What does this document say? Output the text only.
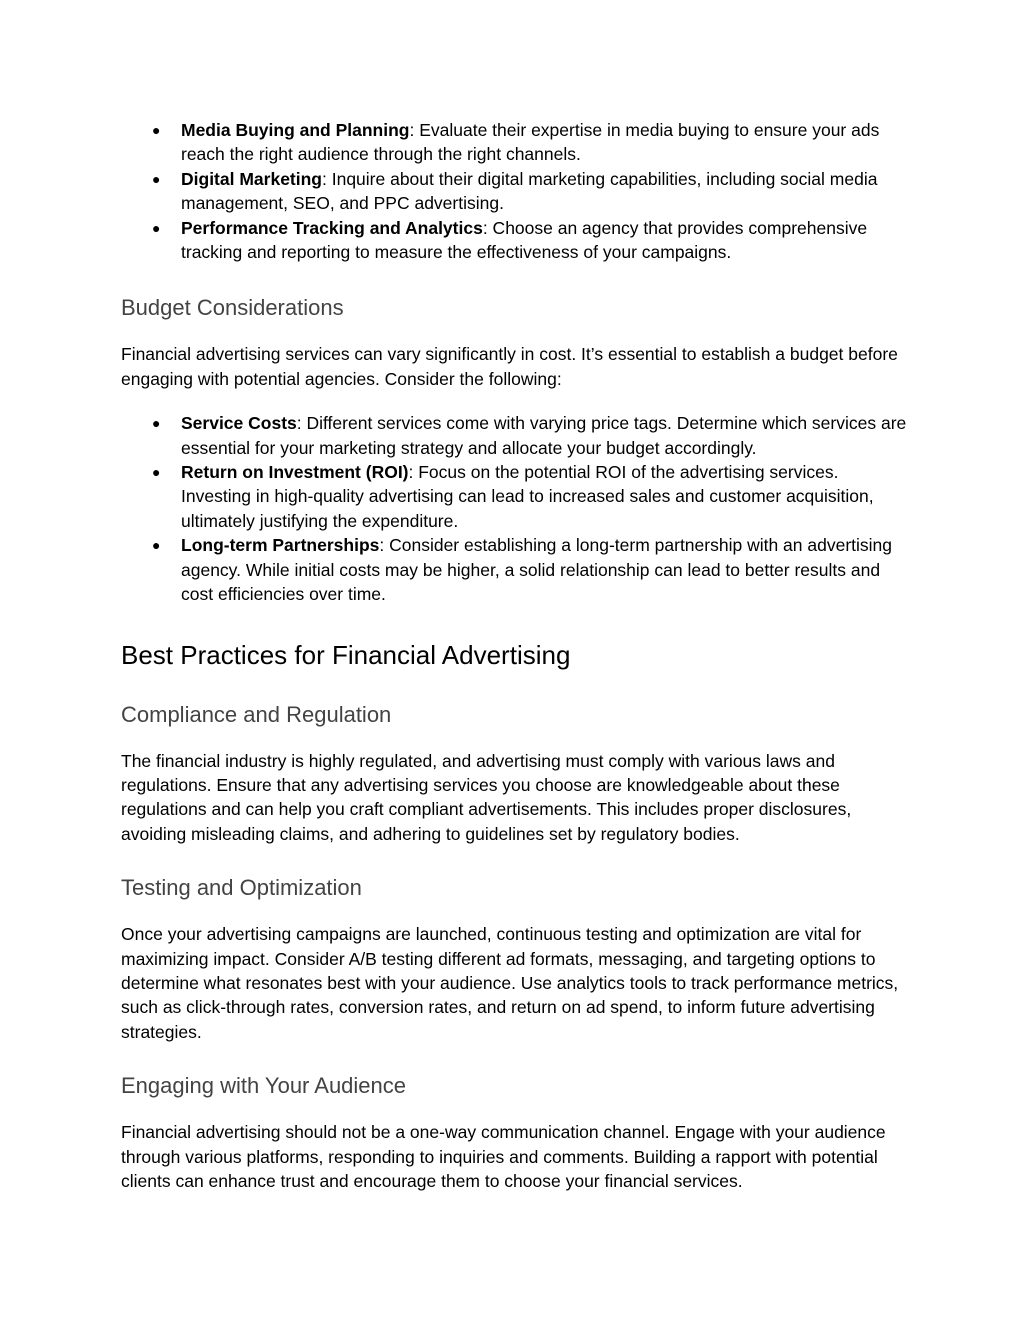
● Media Buying and Planning: Evaluate their expertise in media buying to ensure your ads reach the right audience through the right channels.
● Digital Marketing: Inquire about their digital marketing capabilities, including social media management, SEO, and PPC advertising.
● Performance Tracking and Analytics: Choose an agency that provides comprehensive tracking and reporting to measure the effectiveness of your campaigns.
Budget Considerations

Financial advertising services can vary significantly in cost. It’s essential to establish a budget before engaging with potential agencies. Consider the following:

● Service Costs: Different services come with varying price tags. Determine which services are essential for your marketing strategy and allocate your budget accordingly.
● Return on Investment (ROI): Focus on the potential ROI of the advertising services. Investing in high-quality advertising can lead to increased sales and customer acquisition, ultimately justifying the expenditure.
● Long-term Partnerships: Consider establishing a long-term partnership with an advertising agency. While initial costs may be higher, a solid relationship can lead to better results and cost efficiencies over time.
Best Practices for Financial Advertising
Compliance and Regulation

The financial industry is highly regulated, and advertising must comply with various laws and regulations. Ensure that any advertising services you choose are knowledgeable about these regulations and can help you craft compliant advertisements. This includes proper disclosures, avoiding misleading claims, and adhering to guidelines set by regulatory bodies.

Testing and Optimization

Once your advertising campaigns are launched, continuous testing and optimization are vital for maximizing impact. Consider A/B testing different ad formats, messaging, and targeting options to determine what resonates best with your audience. Use analytics tools to track performance metrics, such as click-through rates, conversion rates, and return on ad spend, to inform future advertising strategies.

Engaging with Your Audience

Financial advertising should not be a one-way communication channel. Engage with your audience through various platforms, responding to inquiries and comments. Building a rapport with potential clients can enhance trust and encourage them to choose your financial services.
